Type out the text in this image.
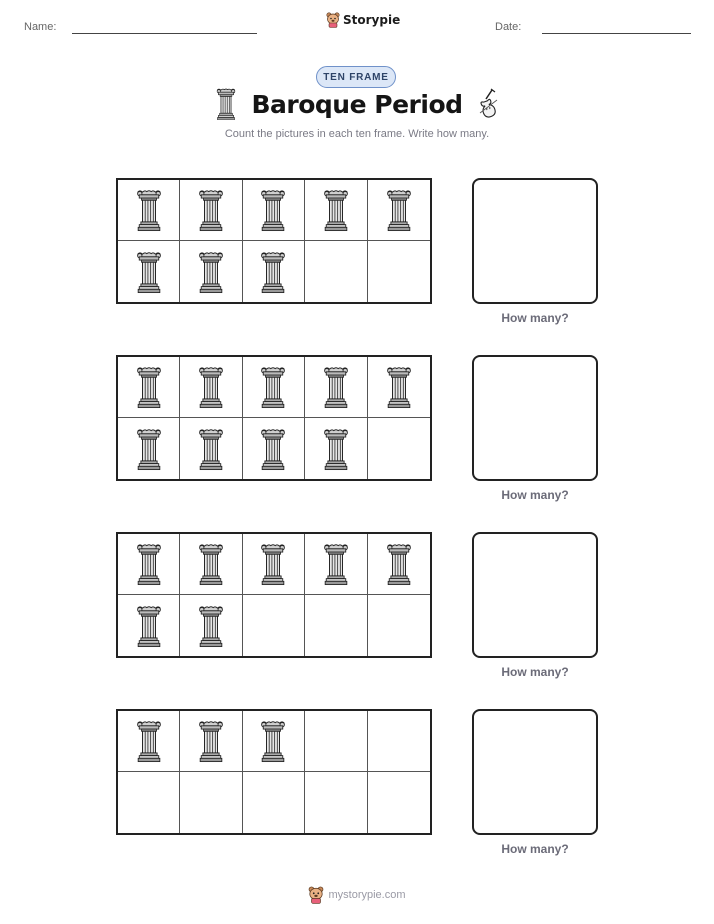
Name:	Storypie	Date:
TEN FRAME
Baroque Period
Count the pictures in each ten frame. Write how many.
How many?
How many?
How many?
How many?
mystorypie.com
